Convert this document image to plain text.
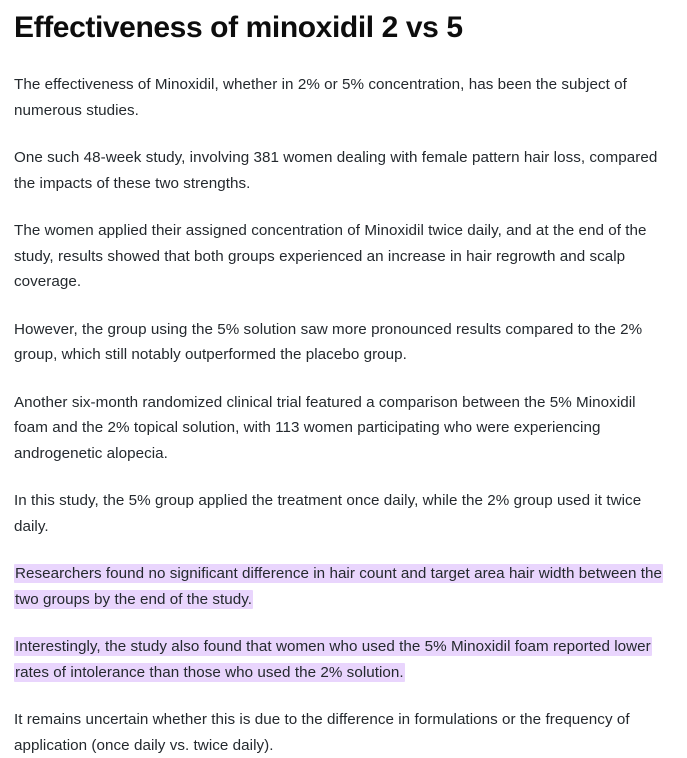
Effectiveness of minoxidil 2 vs 5

The effectiveness of Minoxidil, whether in 2% or 5% concentration, has been the subject of numerous studies.

One such 48-week study, involving 381 women dealing with female pattern hair loss, compared the impacts of these two strengths.

The women applied their assigned concentration of Minoxidil twice daily, and at the end of the study, results showed that both groups experienced an increase in hair regrowth and scalp coverage.

However, the group using the 5% solution saw more pronounced results compared to the 2% group, which still notably outperformed the placebo group.

Another six-month randomized clinical trial featured a comparison between the 5% Minoxidil foam and the 2% topical solution, with 113 women participating who were experiencing androgenetic alopecia.

In this study, the 5% group applied the treatment once daily, while the 2% group used it twice daily.

Researchers found no significant difference in hair count and target area hair width between the two groups by the end of the study.

Interestingly, the study also found that women who used the 5% Minoxidil foam reported lower rates of intolerance than those who used the 2% solution.

It remains uncertain whether this is due to the difference in formulations or the frequency of application (once daily vs. twice daily).
